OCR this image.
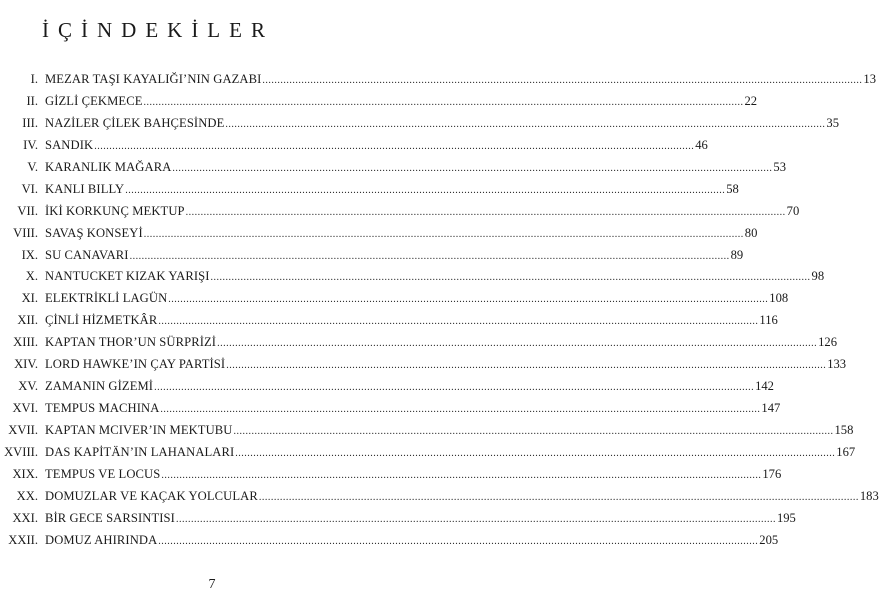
İÇİNDEKİLER
I. MEZAR TAŞI KAYALIĞI’NIN GAZABI ........................................................................................................................................................................................................ 13
II. GİZLİ ÇEKMECE ........................................................................................................................................................................................................ 22
III. NAZİLER ÇİLEK BAHÇESİNDE ........................................................................................................................................................................................................ 35
IV. SANDIK ........................................................................................................................................................................................................ 46
V. KARANLIK MAĞARA ........................................................................................................................................................................................................ 53
VI. KANLI BILLY ........................................................................................................................................................................................................ 58
VII. İKİ KORKUNÇ MEKTUP ........................................................................................................................................................................................................ 70
VIII. SAVAŞ KONSEYİ ........................................................................................................................................................................................................ 80
IX. SU CANAVARI ........................................................................................................................................................................................................ 89
X. NANTUCKET KIZAK YARIŞI ........................................................................................................................................................................................................ 98
XI. ELEKTRİKLİ LAGÜN ........................................................................................................................................................................................................ 108
XII. ÇİNLİ HİZMETKÂR ........................................................................................................................................................................................................ 116
XIII. KAPTAN THOR’UN SÜRPRİZİ ........................................................................................................................................................................................................ 126
XIV. LORD HAWKE’IN ÇAY PARTİSİ ........................................................................................................................................................................................................ 133
XV. ZAMANIN GİZEMİ ........................................................................................................................................................................................................ 142
XVI. TEMPUS MACHINA ........................................................................................................................................................................................................ 147
XVII. KAPTAN MCIVER’IN MEKTUBU ........................................................................................................................................................................................................ 158
XVIII. DAS KAPİTÄN’IN LAHANALARI ........................................................................................................................................................................................................ 167
XIX. TEMPUS VE LOCUS ........................................................................................................................................................................................................ 176
XX. DOMUZLAR VE KAÇAK YOLCULAR ........................................................................................................................................................................................................ 183
XXI. BİR GECE SARSINTISI ........................................................................................................................................................................................................ 195
XXII. DOMUZ AHIRINDA ........................................................................................................................................................................................................ 205
7
